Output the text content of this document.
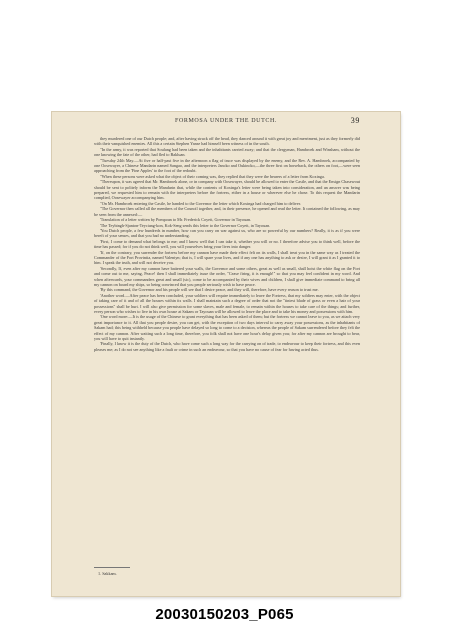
FORMOSA UNDER THE DUTCH.	39

they murdered one of our Dutch people; and, after having struck off the head, they danced around it with great joy and merriment, just as they formerly did with their vanquished enemies. All this a certain Stephen Yanse had himself been witness of in the south.

"In the army, it was reported that Soulang had been taken and the inhabitants carried away; and that the clergyman, Hambroek and Winsham, without the one knowing the fate of the other, had fled to Bakluan.

"Tuesday 24th May.—At five or half-past five in the afternoon a flag of truce was displayed by the enemy, and the Rev. A. Hambroek, accompanied by one Oosewayer, a Chinese Mandarin named Sangao, and the interpreters Jancko and Oukincko,—the three first on horseback, the others on foot,—were seen approaching from the 'Fine Apples' to the foot of the redoubt.

"When these persons were asked what the object of their coming was, they replied that they were the bearers of a letter from Koxinga.

"Thereupon, it was agreed that Mr. Hambroek alone, or in company with Oosewayer, should be allowed to enter the Castle, and that the Ensign Chasewout should be sent to politely inform the Mandarin that, while the contents of Koxinga's letter were being taken into consideration, and an answer was being prepared, we requested him to remain with the interpreters before the fortress, either in a house or wherever else he chose. To this request the Mandarin complied, Oosewayer accompanying him.

"On Mr. Hambroek entering the Castle, he handed to the Governor the letter which Koxinga had charged him to deliver.

"The Governor then called all the members of the Council together, and, in their presence, he opened and read the letter. It contained the following, as may be seen from the annexed:—

'Translation of a letter written by Pompoan to Mr. Frederick Coyett, Governor in Tayouan.

'The Teybingh-Sjanton-Teyciang-kon, Kok-Seng sends this letter to the Governor Coyett, in Tayouan.

'You Dutch people, a few hundreds in number, how can you carry on war against us, who are so powerful by our numbers? Really, it is as if you were bereft of your senses, and that you had no understanding.

'First, I come to demand what belongs to me; and I know well that I can take it, whether you will or no. I therefore advise you to think well, before the time has passed; for if you do not think well, you will yourselves bring your lives into danger.

'If, on the contrary, you surrender the fortress before my cannon have made their effect felt on its walls, I shall treat you in the same way as I treated the Commander of the Fort Provintia, named Valentyn; that is, I will spare your lives, and if any one has anything to ask or desire, I will grant it as I granted it to him. I speak the truth, and will not deceive you.

'Secondly, If, even after my cannon have battered your walls, the Governor and some others, great as well as small, shall hoist the white flag on the Fort and come out to me, saying, Peace! then I shall immediately issue the order, "Cease firing, it is enough!" so that you may feel confident in my word. And when afterwards, your commanders great and small (sic), come to be accompanied by their wives and children, I shall give immediate command to bring all my cannon on board my ships, so being convinced that you people seriously wish to have peace.

'By this command, the Governor and his people will see that I desire peace, and they will, therefore, have every reason to trust me.

'Another word.—After peace has been concluded, your soldiers will require immediately to leave the Fortress, that my soldiers may enter, with the object of taking care of it and of all the houses within its walls. I shall maintain such a degree of order that not the "tiniest blade of grass or even a hair of your possessions" shall be hurt. I will also give permission for some slaves, male and female, to remain within the houses to take care of the things; and further, every person who wishes to live in his own house at Sakam or Tayouan will be allowed to leave the place and to take his money and possessions with him.

'One word more:—It is the usage of the Chinese to grant everything that has been asked of them; but the fortress we cannot leave to you, as we attach very great importance to it. All that you people desire, you can get, with the exception of two days interval to carry away your possessions, as the inhabitants of Sakam had; this being withheld because you people have delayed so long to come to a decision, whereas the people of Sakam surrendered before they felt the effect of my cannon. After waiting such a long time, therefore, you folk shall not have one hour's delay given you; for after my cannon are brought to bear, you will have to quit instantly.

'Finally, I know it is the duty of the Dutch, who have come such a long way for the carrying on of trade, to endeavour to keep their fortress, and this even pleases me; as I do not see anything like a fault or crime in such an endeavour, so that you have no cause of fear for having acted thus.

1. Sakkam.
20030150203_P065
